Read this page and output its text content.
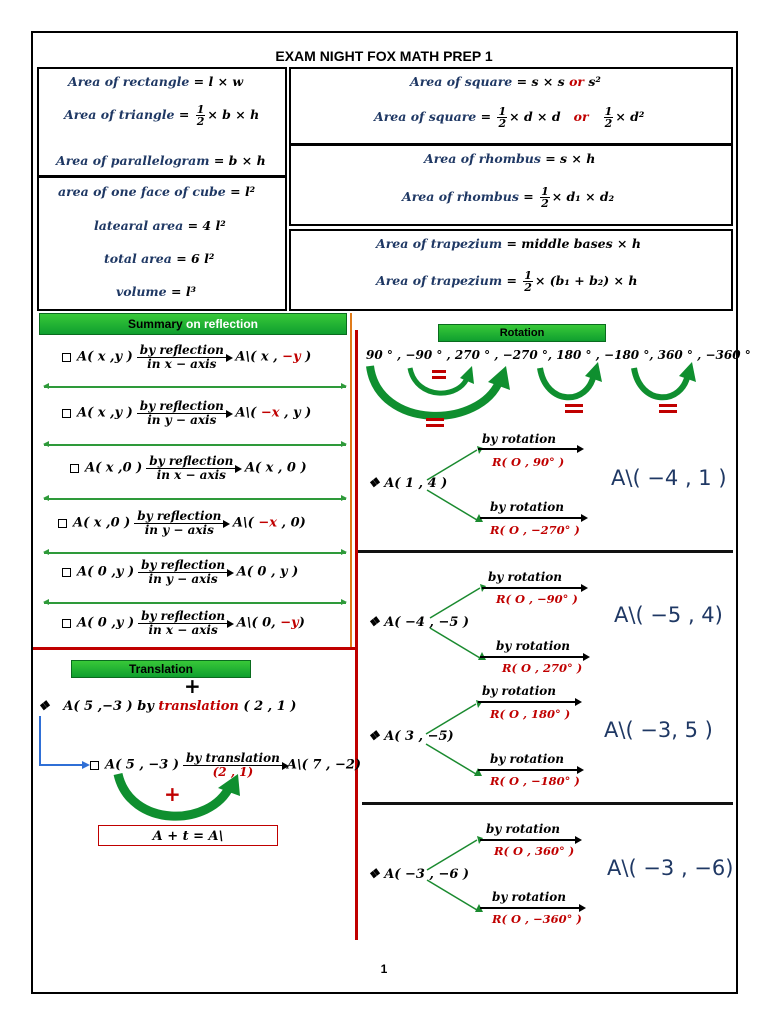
EXAM NIGHT FOX MATH PREP 1
Area of rectangle = l × w
Area of triangle = $\frac{1}{2} \times b \times h$
Area of parallelogram = b × h
area of one face of cube = l²
latearal area = 4 l²
total area = 6 l²
volume = l³
Area of square = s × s or s²
Area of square = $\frac{1}{2} \times d \times d$ or $\frac{1}{2} \times d^2$
Area of rhombus = s × h
Area of rhombus = $\frac{1}{2} \times d_1 \times d_2$
Area of trapezium = middle bases × h
Area of trapezium = $\frac{1}{2} \times (b_1 + b_2) \times h$
Summary on reflection
A( x ,y ) by reflection
in x − axis A\( x , −y )
A( x ,y ) by reflection
in y − axis A\( −x , y )
A( x ,0 ) by reflection
in x − axis A( x , 0 )
A( x ,0 ) by reflection
in y − axis A\( −x , 0)
A( 0 ,y ) by reflection
in y − axis A( 0 , y )
A( 0 ,y ) by reflection
in x − axis A\( 0, −y)
Translation
+
❖ A( 5 ,−3 ) by translation ( 2 , 1 )
A( 5 , −3 ) by translation
(2 , 1)	A\( 7 , −2)
+
A + t = A\
Rotation
90 ° , −90 ° , 270 ° , −270 °, 180 ° , −180 °, 360 ° , −360 °
❖ A( 1 , 4 )
by rotation
R( O , 90° )
by rotation
R( O , −270° )
A\( −4 , 1 )
❖ A( −4 , −5 )
by rotation
R( O , −90° )
by rotation
R( O , 270° )
A\( −5 , 4)
❖ A( 3 , −5)
by rotation
R( O , 180° )
by rotation
R( O , −180° )
A\( −3, 5 )
❖ A( −3 , −6 )
by rotation
R( O , 360° )
by rotation
R( O , −360° )
A\( −3 , −6)
1
